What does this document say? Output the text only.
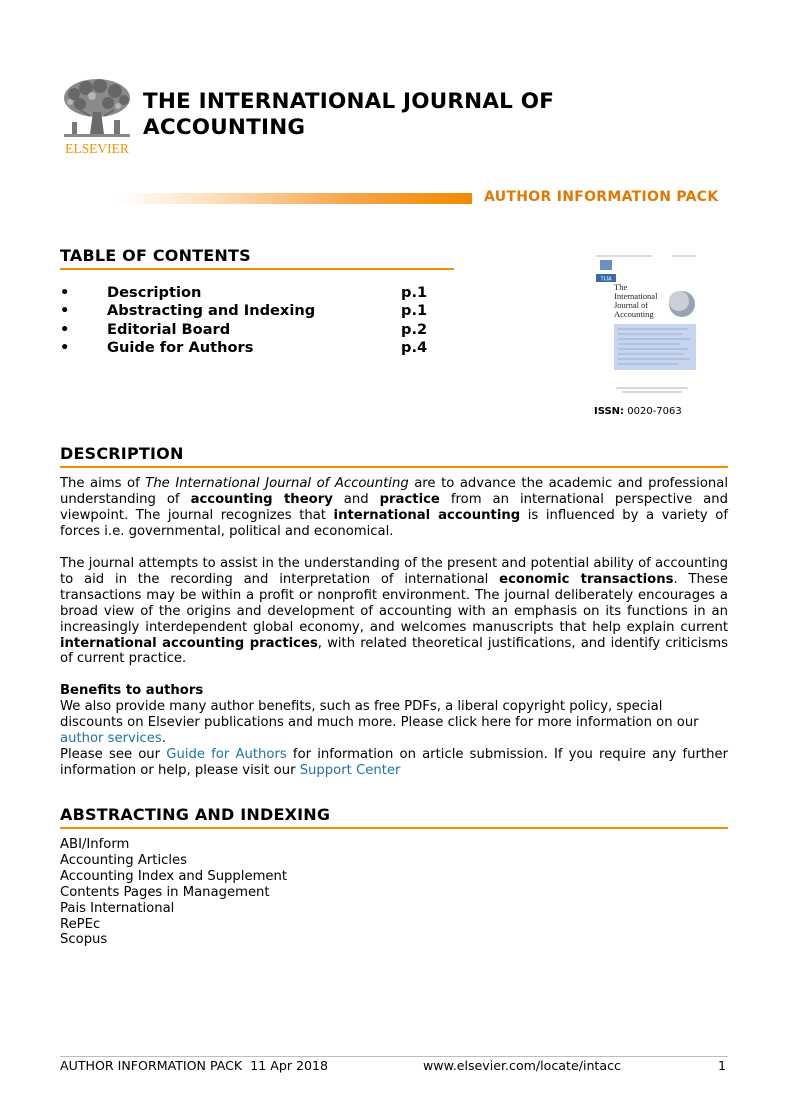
ELSEVIER
THE INTERNATIONAL JOURNAL OF ACCOUNTING
AUTHOR INFORMATION PACK
TABLE OF CONTENTS
•	Description	p.1
•	Abstracting and Indexing	p.1
•	Editorial Board	p.2
•	Guide for Authors	p.4
TIJA
The
International
Journal of
Accounting
ISSN: 0020-7063
DESCRIPTION
The aims of The International Journal of Accounting are to advance the academic and professional understanding of accounting theory and practice from an international perspective and viewpoint. The journal recognizes that international accounting is influenced by a variety of forces i.e. governmental, political and economical.
The journal attempts to assist in the understanding of the present and potential ability of accounting to aid in the recording and interpretation of international economic transactions. These transactions may be within a profit or nonprofit environment. The journal deliberately encourages a broad view of the origins and development of accounting with an emphasis on its functions in an increasingly interdependent global economy, and welcomes manuscripts that help explain current international accounting practices, with related theoretical justifications, and identify criticisms of current practice.
Benefits to authors
We also provide many author benefits, such as free PDFs, a liberal copyright policy, special discounts on Elsevier publications and much more. Please click here for more information on our author services.
Please see our Guide for Authors for information on article submission. If you require any further information or help, please visit our Support Center
ABSTRACTING AND INDEXING
ABI/Inform
Accounting Articles
Accounting Index and Supplement
Contents Pages in Management
Pais International
RePEc
Scopus
AUTHOR INFORMATION PACK  11 Apr 2018	www.elsevier.com/locate/intacc	1
